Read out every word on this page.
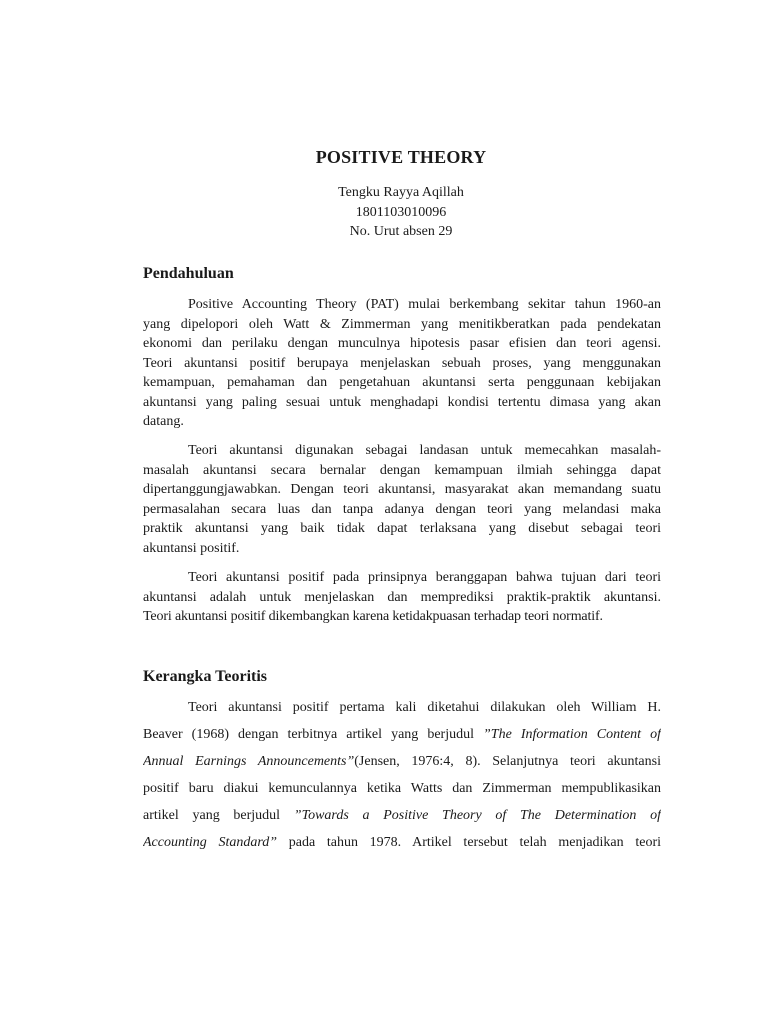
POSITIVE THEORY
Tengku Rayya Aqillah
1801103010096
No. Urut absen 29
Pendahuluan
Positive Accounting Theory (PAT) mulai berkembang sekitar tahun 1960-an
yang dipelopori oleh Watt & Zimmerman yang menitikberatkan pada pendekatan
ekonomi dan perilaku dengan munculnya hipotesis pasar efisien dan teori agensi.
Teori akuntansi positif berupaya menjelaskan sebuah proses, yang menggunakan
kemampuan, pemahaman dan pengetahuan akuntansi serta penggunaan kebijakan
akuntansi yang paling sesuai untuk menghadapi kondisi tertentu dimasa yang akan
datang.
Teori akuntansi digunakan sebagai landasan untuk memecahkan masalah-
masalah akuntansi secara bernalar dengan kemampuan ilmiah sehingga dapat
dipertanggungjawabkan. Dengan teori akuntansi, masyarakat akan memandang suatu
permasalahan secara luas dan tanpa adanya dengan teori yang melandasi maka
praktik akuntansi yang baik tidak dapat terlaksana yang disebut sebagai teori
akuntansi positif.
Teori akuntansi positif pada prinsipnya beranggapan bahwa tujuan dari teori
akuntansi adalah untuk menjelaskan dan memprediksi praktik-praktik akuntansi.
Teori akuntansi positif dikembangkan karena ketidakpuasan terhadap teori normatif.
Kerangka Teoritis
Teori akuntansi positif pertama kali diketahui dilakukan oleh William H.
Beaver (1968) dengan terbitnya artikel yang berjudul ”The Information Content of
Annual Earnings Announcements”(Jensen, 1976:4, 8). Selanjutnya teori akuntansi
positif baru diakui kemunculannya ketika Watts dan Zimmerman mempublikasikan
artikel yang berjudul ”Towards a Positive Theory of The Determination of
Accounting Standard” pada tahun 1978. Artikel tersebut telah menjadikan teori
